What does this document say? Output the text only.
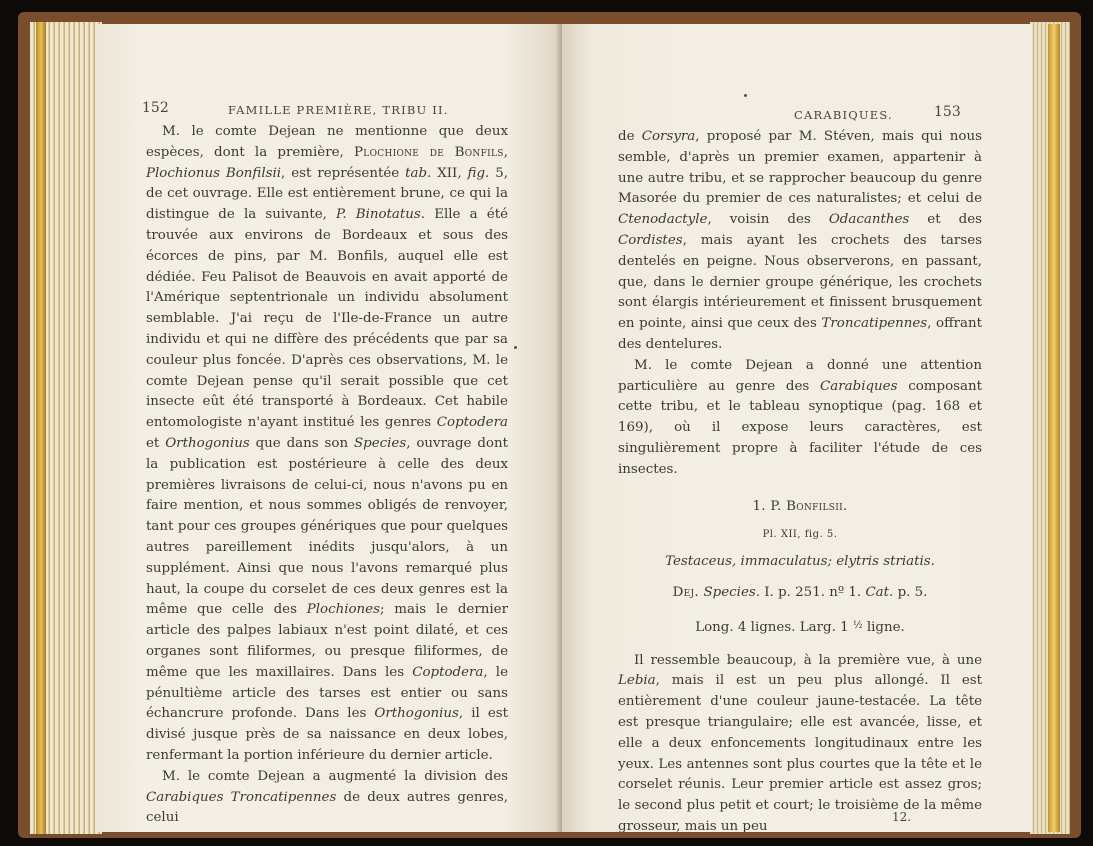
152	FAMILLE PREMIÈRE, TRIBU II.

M. le comte Dejean ne mentionne que deux espèces, dont la première, Plochione de Bonfils, Plochionus Bonfilsii, est représentée tab. XII, fig. 5, de cet ouvrage. Elle est entièrement brune, ce qui la distingue de la suivante, P. Binotatus. Elle a été trouvée aux environs de Bordeaux et sous des écorces de pins, par M. Bonfils, auquel elle est dédiée. Feu Palisot de Beauvois en avait apporté de l'Amérique septentrionale un individu absolument semblable. J'ai reçu de l'Ile-de-France un autre individu et qui ne diffère des précédents que par sa couleur plus foncée. D'après ces observations, M. le comte Dejean pense qu'il serait possible que cet insecte eût été transporté à Bordeaux. Cet habile entomologiste n'ayant institué les genres Coptodera et Orthogonius que dans son Species, ouvrage dont la publication est postérieure à celle des deux premières livraisons de celui-ci, nous n'avons pu en faire mention, et nous sommes obligés de renvoyer, tant pour ces groupes génériques que pour quelques autres pareillement inédits jusqu'alors, à un supplément. Ainsi que nous l'avons remarqué plus haut, la coupe du corselet de ces deux genres est la même que celle des Plochiones; mais le dernier article des palpes labiaux n'est point dilaté, et ces organes sont filiformes, ou presque filiformes, de même que les maxillaires. Dans les Coptodera, le pénultième article des tarses est entier ou sans échancrure profonde. Dans les Orthogonius, il est divisé jusque près de sa naissance en deux lobes, renfermant la portion inférieure du dernier article.

M. le comte Dejean a augmenté la division des Carabiques Troncatipennes de deux autres genres, celui

CARABIQUES.	153

de Corsyra, proposé par M. Stéven, mais qui nous semble, d'après un premier examen, appartenir à une autre tribu, et se rapprocher beaucoup du genre Masorée du premier de ces naturalistes; et celui de Ctenodactyle, voisin des Odacanthes et des Cordistes, mais ayant les crochets des tarses dentelés en peigne. Nous observerons, en passant, que, dans le dernier groupe générique, les crochets sont élargis intérieurement et finissent brusquement en pointe, ainsi que ceux des Troncatipennes, offrant des dentelures.

M. le comte Dejean a donné une attention particulière au genre des Carabiques composant cette tribu, et le tableau synoptique (pag. 168 et 169), où il expose leurs caractères, est singulièrement propre à faciliter l'étude de ces insectes.

1. P. Bonfilsii.

Pl. XII, fig. 5.

Testaceus, immaculatus; elytris striatis.

Dej. Species. I. p. 251. nº 1. Cat. p. 5.

Long. 4 lignes. Larg. 1 $^{\frac{1}{2}}$ ligne.

Il ressemble beaucoup, à la première vue, à une Lebia, mais il est un peu plus allongé. Il est entièrement d'une couleur jaune-testacée. La tête est presque triangulaire; elle est avancée, lisse, et elle a deux enfoncements longitudinaux entre les yeux. Les antennes sont plus courtes que la tête et le corselet réunis. Leur premier article est assez gros; le second plus petit et court; le troisième de la même grosseur, mais un peu

12.
